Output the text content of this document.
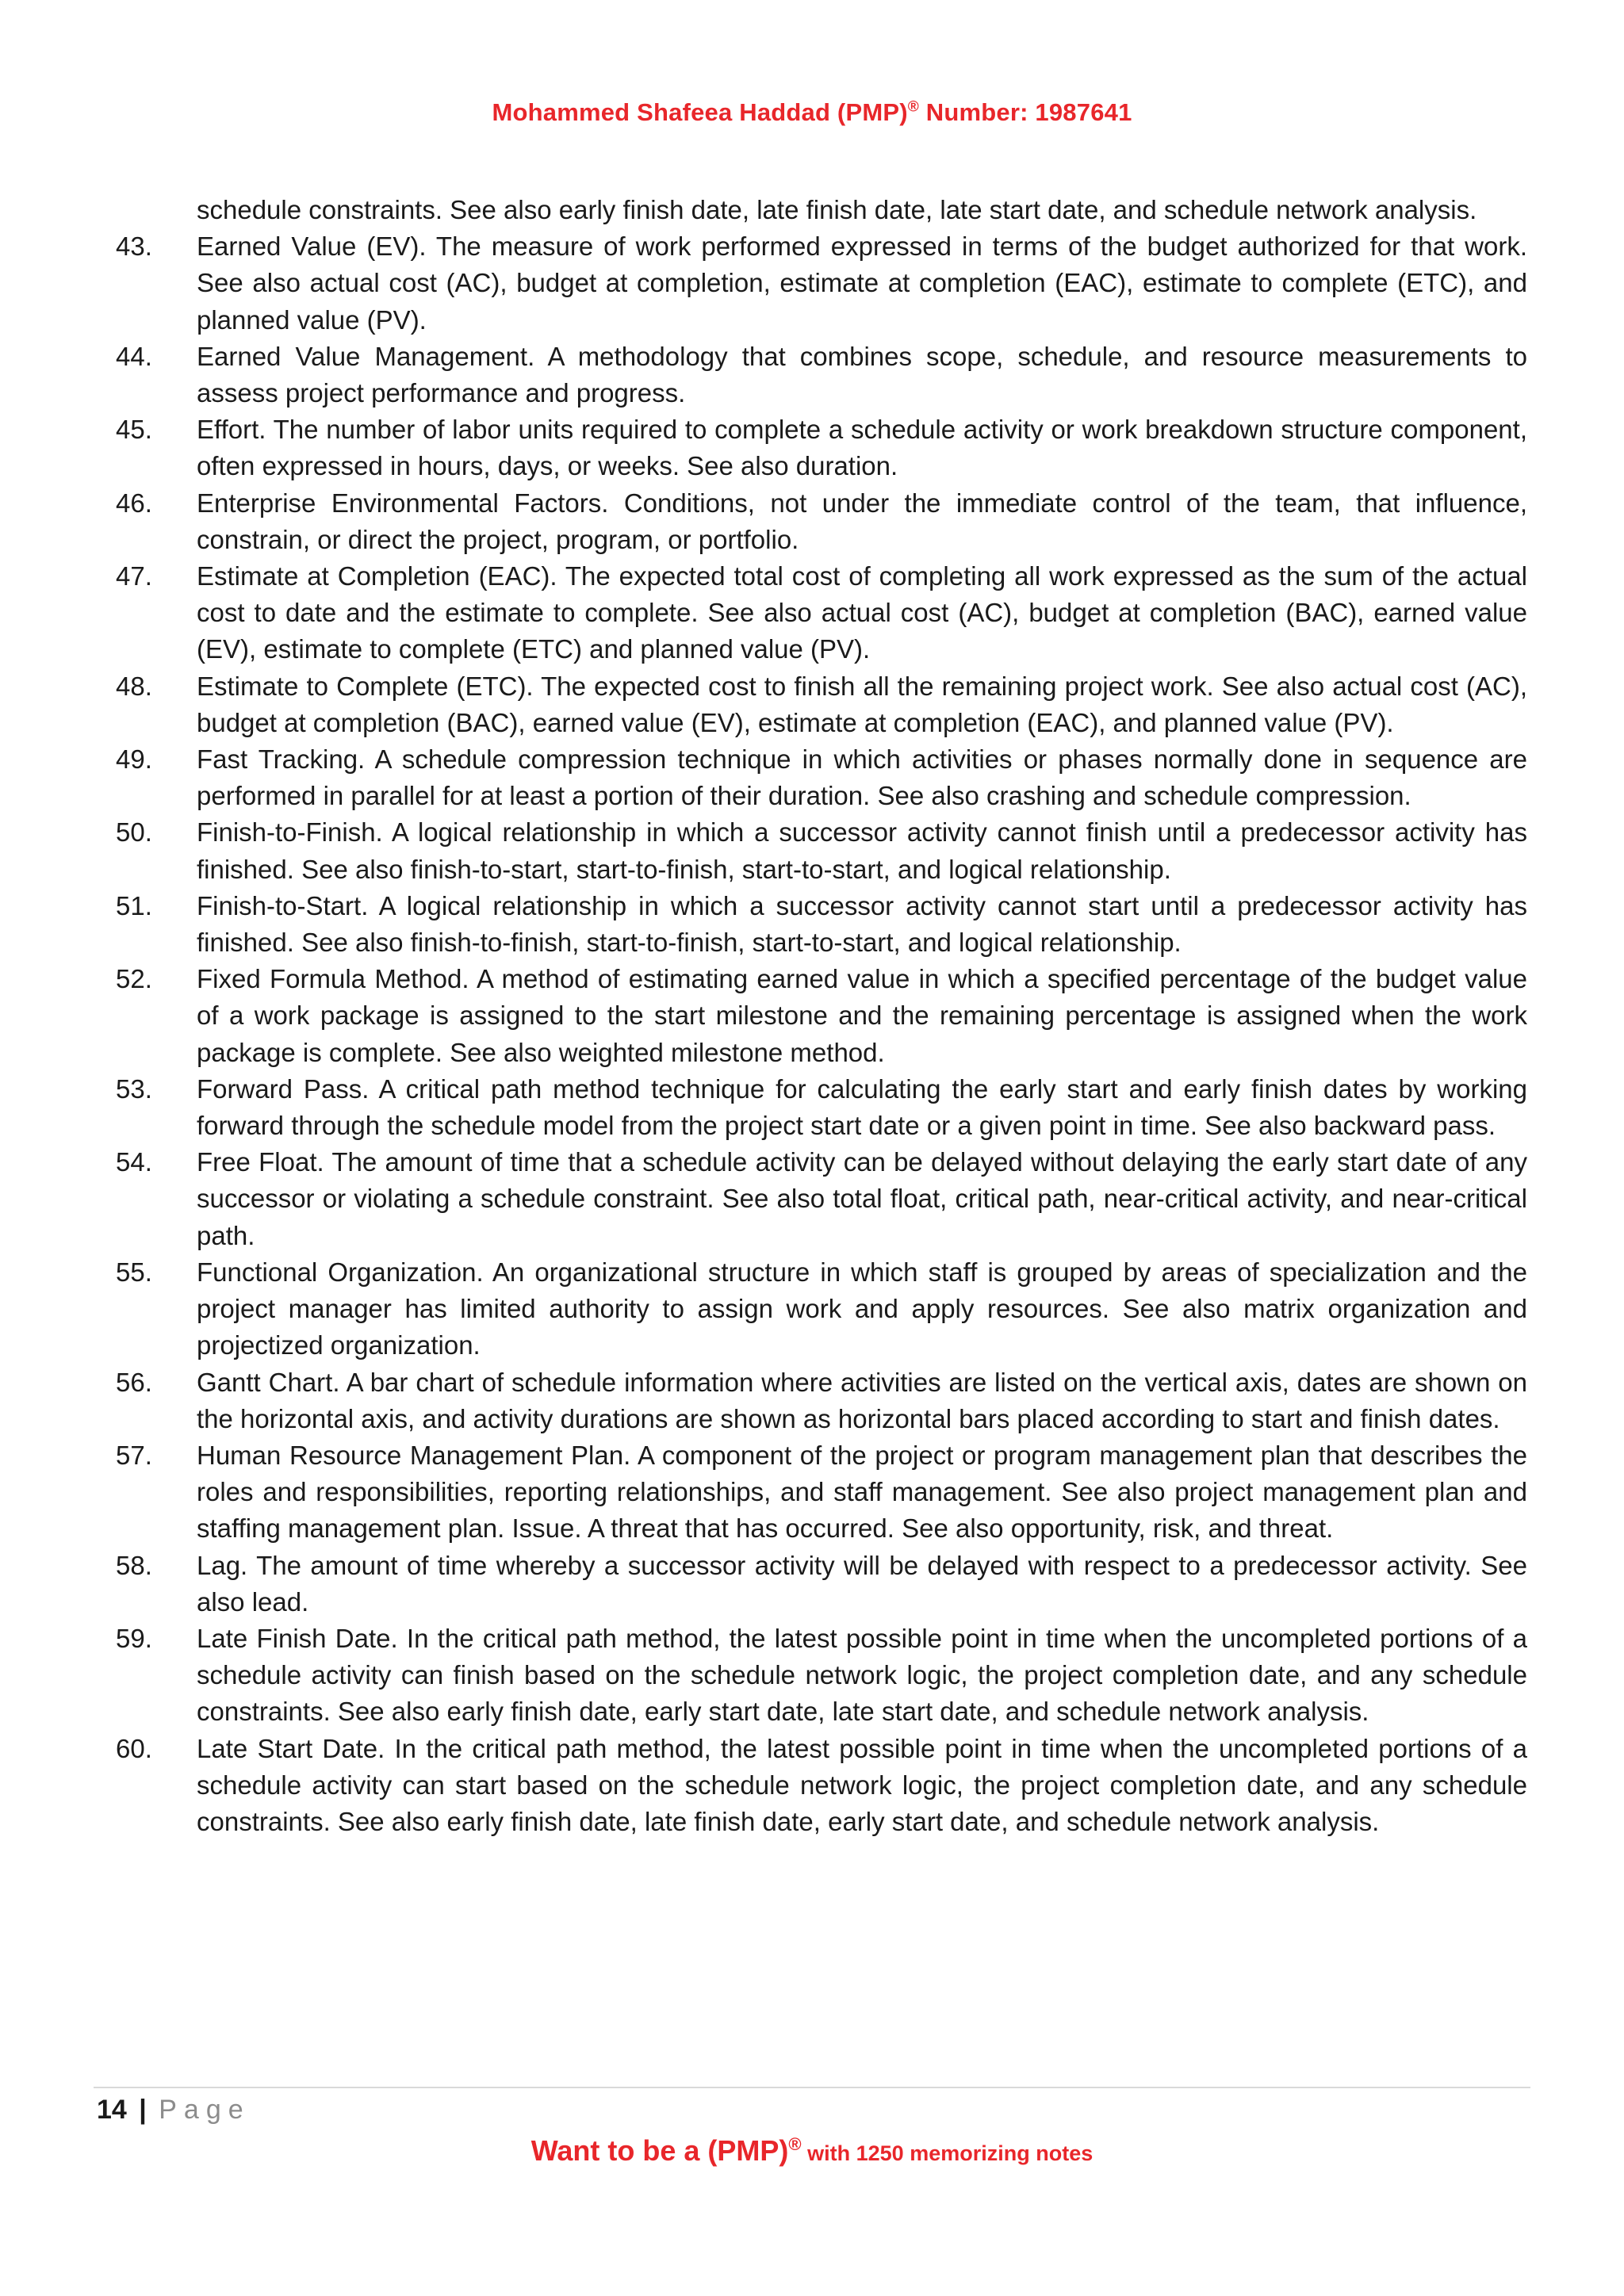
Mohammed Shafeea Haddad (PMP)® Number: 1987641
schedule constraints. See also early finish date, late finish date, late start date, and schedule network analysis.
43.	Earned Value (EV). The measure of work performed expressed in terms of the budget authorized for that work. See also actual cost (AC), budget at completion, estimate at completion (EAC), estimate to complete (ETC), and planned value (PV).
44.	Earned Value Management. A methodology that combines scope, schedule, and resource measurements to assess project performance and progress.
45.	Effort. The number of labor units required to complete a schedule activity or work breakdown structure component, often expressed in hours, days, or weeks. See also duration.
46.	Enterprise Environmental Factors. Conditions, not under the immediate control of the team, that influence, constrain, or direct the project, program, or portfolio.
47.	Estimate at Completion (EAC). The expected total cost of completing all work expressed as the sum of the actual cost to date and the estimate to complete. See also actual cost (AC), budget at completion (BAC), earned value (EV), estimate to complete (ETC) and planned value (PV).
48.	Estimate to Complete (ETC). The expected cost to finish all the remaining project work. See also actual cost (AC), budget at completion (BAC), earned value (EV), estimate at completion (EAC), and planned value (PV).
49.	Fast Tracking. A schedule compression technique in which activities or phases normally done in sequence are performed in parallel for at least a portion of their duration. See also crashing and schedule compression.
50.	Finish-to-Finish. A logical relationship in which a successor activity cannot finish until a predecessor activity has finished. See also finish-to-start, start-to-finish, start-to-start, and logical relationship.
51.	Finish-to-Start. A logical relationship in which a successor activity cannot start until a predecessor activity has finished. See also finish-to-finish, start-to-finish, start-to-start, and logical relationship.
52.	Fixed Formula Method. A method of estimating earned value in which a specified percentage of the budget value of a work package is assigned to the start milestone and the remaining percentage is assigned when the work package is complete. See also weighted milestone method.
53.	Forward Pass. A critical path method technique for calculating the early start and early finish dates by working forward through the schedule model from the project start date or a given point in time. See also backward pass.
54.	Free Float. The amount of time that a schedule activity can be delayed without delaying the early start date of any successor or violating a schedule constraint. See also total float, critical path, near-critical activity, and near-critical path.
55.	Functional Organization. An organizational structure in which staff is grouped by areas of specialization and the project manager has limited authority to assign work and apply resources. See also matrix organization and projectized organization.
56.	Gantt Chart. A bar chart of schedule information where activities are listed on the vertical axis, dates are shown on the horizontal axis, and activity durations are shown as horizontal bars placed according to start and finish dates.
57.	Human Resource Management Plan. A component of the project or program management plan that describes the roles and responsibilities, reporting relationships, and staff management. See also project management plan and staffing management plan. Issue. A threat that has occurred. See also opportunity, risk, and threat.
58.	Lag. The amount of time whereby a successor activity will be delayed with respect to a predecessor activity. See also lead.
59.	Late Finish Date. In the critical path method, the latest possible point in time when the uncompleted portions of a schedule activity can finish based on the schedule network logic, the project completion date, and any schedule constraints. See also early finish date, early start date, late start date, and schedule network analysis.
60.	Late Start Date. In the critical path method, the latest possible point in time when the uncompleted portions of a schedule activity can start based on the schedule network logic, the project completion date, and any schedule constraints. See also early finish date, late finish date, early start date, and schedule network analysis.
14 | Page
Want to be a (PMP)® with 1250 memorizing notes
